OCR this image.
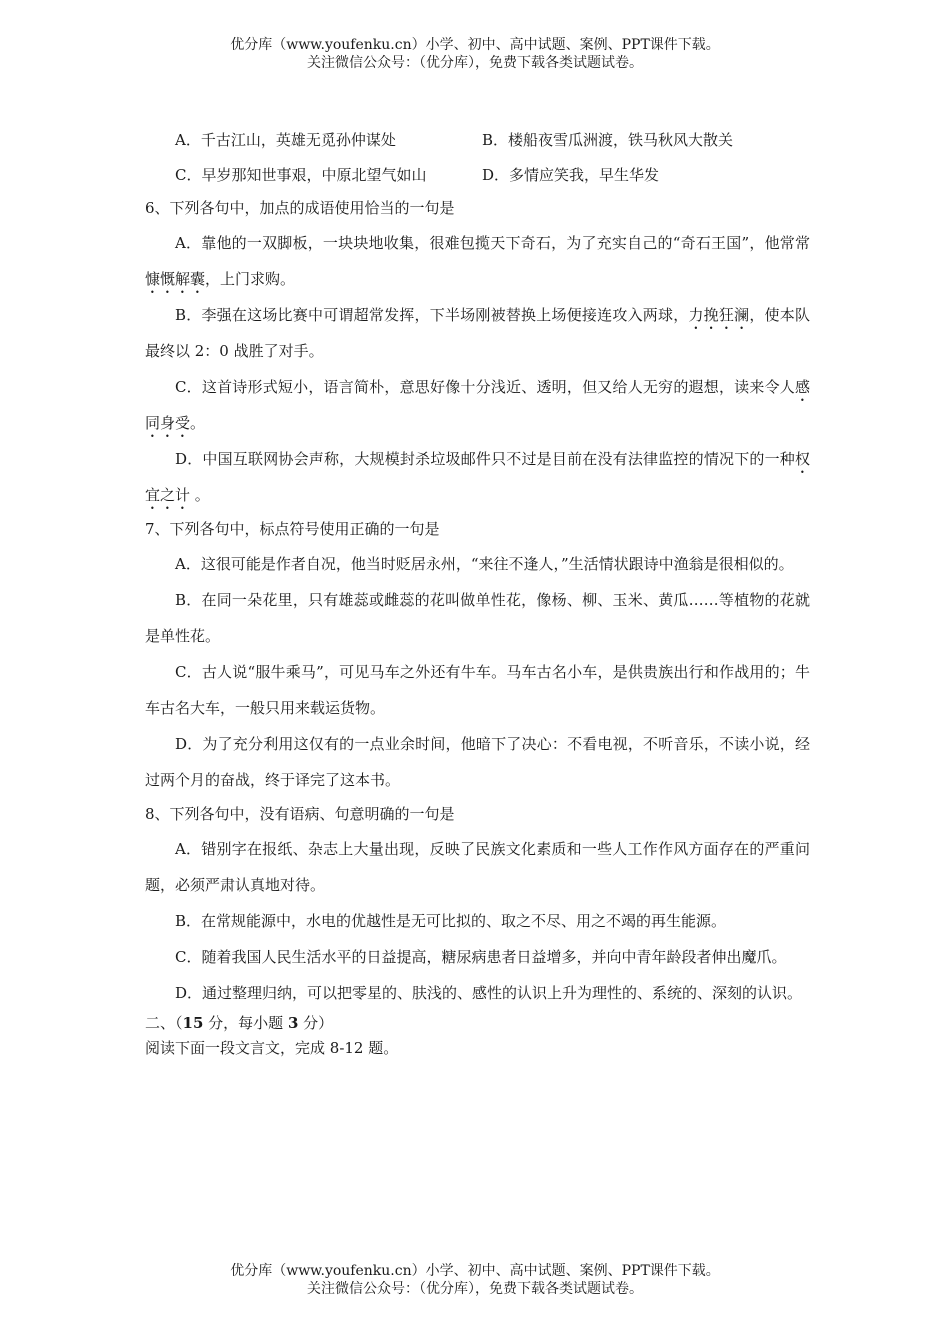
优分库（www.youfenku.cn）小学、初中、高中试题、案例、PPT课件下载。
关注微信公众号：（优分库），免费下载各类试题试卷。
A．千古江山，英雄无觅孙仲谋处	B．楼船夜雪瓜洲渡，铁马秋风大散关
C．早岁那知世事艰，中原北望气如山	D．多情应笑我，早生华发
6、下列各句中，加点的成语使用恰当的一句是

A．靠他的一双脚板，一块块地收集，很难包揽天下奇石，为了充实自己的“奇石王国”，他常常慷慨解囊，上门求购。

B．李强在这场比赛中可谓超常发挥，下半场刚被替换上场便接连攻入两球，力挽狂澜，使本队最终以 2：0 战胜了对手。

C．这首诗形式短小，语言简朴，意思好像十分浅近、透明，但又给人无穷的遐想，读来令人感同身受。

D．中国互联网协会声称，大规模封杀垃圾邮件只不过是目前在没有法律监控的情况下的一种权宜之计 。

7、下列各句中，标点符号使用正确的一句是

A．这很可能是作者自况，他当时贬居永州，“来往不逢人，”生活情状跟诗中渔翁是很相似的。

B．在同一朵花里，只有雄蕊或雌蕊的花叫做单性花，像杨、柳、玉米、黄瓜……等植物的花就是单性花。

C．古人说“服牛乘马”，可见马车之外还有牛车。马车古名小车，是供贵族出行和作战用的；牛车古名大车，一般只用来载运货物。

D．为了充分利用这仅有的一点业余时间，他暗下了决心：不看电视，不听音乐，不读小说，经过两个月的奋战，终于译完了这本书。

8、下列各句中，没有语病、句意明确的一句是

A．错别字在报纸、杂志上大量出现，反映了民族文化素质和一些人工作作风方面存在的严重问题，必须严肃认真地对待。

B．在常规能源中，水电的优越性是无可比拟的、取之不尽、用之不竭的再生能源。

C．随着我国人民生活水平的日益提高，糖尿病患者日益增多，并向中青年龄段者伸出魔爪。

D．通过整理归纳，可以把零星的、肤浅的、感性的认识上升为理性的、系统的、深刻的认识。

二、（15 分，每小题 3 分）
阅读下面一段文言文，完成 8-12 题。
优分库（www.youfenku.cn）小学、初中、高中试题、案例、PPT课件下载。
关注微信公众号：（优分库），免费下载各类试题试卷。
